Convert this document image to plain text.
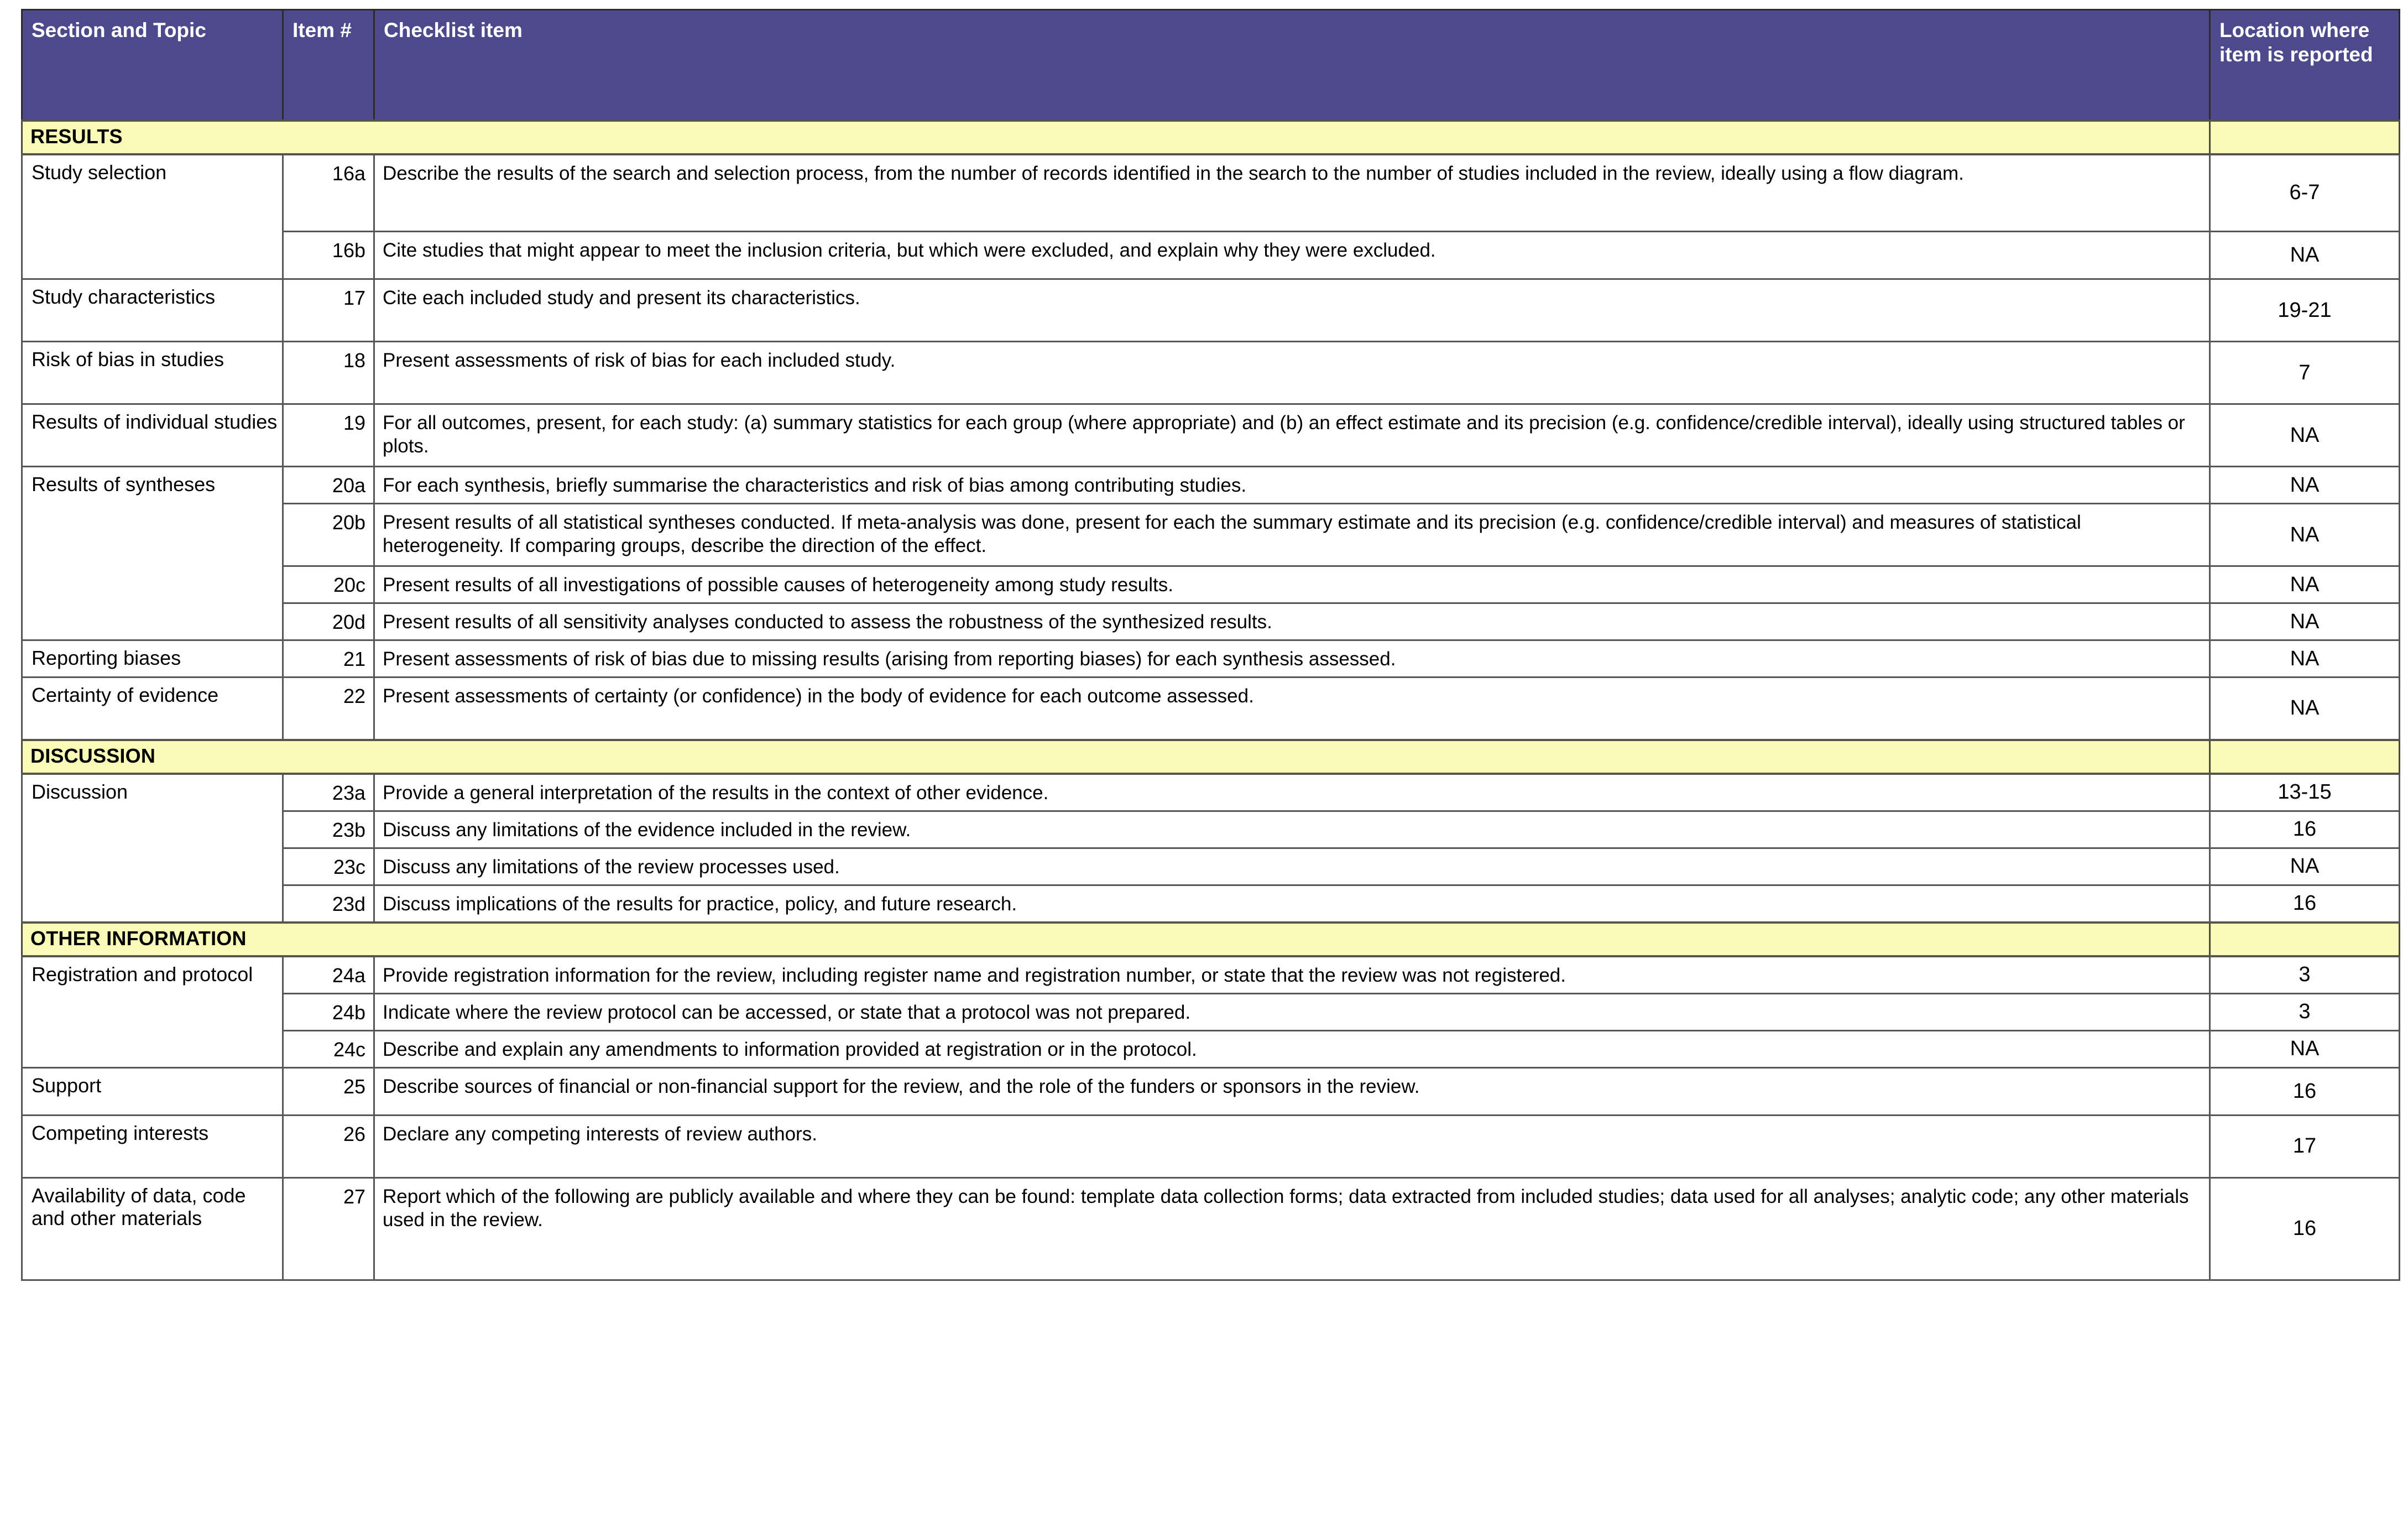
Section and Topic	Item #	Checklist item	Location where item is reported
RESULTS			
Study selection	16a	Describe the results of the search and selection process, from the number of records identified in the search to the number of studies included in the review, ideally using a flow diagram.	6-7
	16b	Cite studies that might appear to meet the inclusion criteria, but which were excluded, and explain why they were excluded.	NA
Study characteristics	17	Cite each included study and present its characteristics.	19-21
Risk of bias in studies	18	Present assessments of risk of bias for each included study.	7
Results of individual studies	19	For all outcomes, present, for each study: (a) summary statistics for each group (where appropriate) and (b) an effect estimate and its precision (e.g. confidence/credible interval), ideally using structured tables or plots.	NA
Results of syntheses	20a	For each synthesis, briefly summarise the characteristics and risk of bias among contributing studies.	NA
	20b	Present results of all statistical syntheses conducted. If meta-analysis was done, present for each the summary estimate and its precision (e.g. confidence/credible interval) and measures of statistical heterogeneity. If comparing groups, describe the direction of the effect.	NA
	20c	Present results of all investigations of possible causes of heterogeneity among study results.	NA
	20d	Present results of all sensitivity analyses conducted to assess the robustness of the synthesized results.	NA
Reporting biases	21	Present assessments of risk of bias due to missing results (arising from reporting biases) for each synthesis assessed.	NA
Certainty of evidence	22	Present assessments of certainty (or confidence) in the body of evidence for each outcome assessed.	NA
DISCUSSION			
Discussion	23a	Provide a general interpretation of the results in the context of other evidence.	13-15
	23b	Discuss any limitations of the evidence included in the review.	16
	23c	Discuss any limitations of the review processes used.	NA
	23d	Discuss implications of the results for practice, policy, and future research.	16
OTHER INFORMATION			
Registration and protocol	24a	Provide registration information for the review, including register name and registration number, or state that the review was not registered.	3
	24b	Indicate where the review protocol can be accessed, or state that a protocol was not prepared.	3
	24c	Describe and explain any amendments to information provided at registration or in the protocol.	NA
Support	25	Describe sources of financial or non-financial support for the review, and the role of the funders or sponsors in the review.	16
Competing interests	26	Declare any competing interests of review authors.	17
Availability of data, code and other materials	27	Report which of the following are publicly available and where they can be found: template data collection forms; data extracted from included studies; data used for all analyses; analytic code; any other materials used in the review.	16
